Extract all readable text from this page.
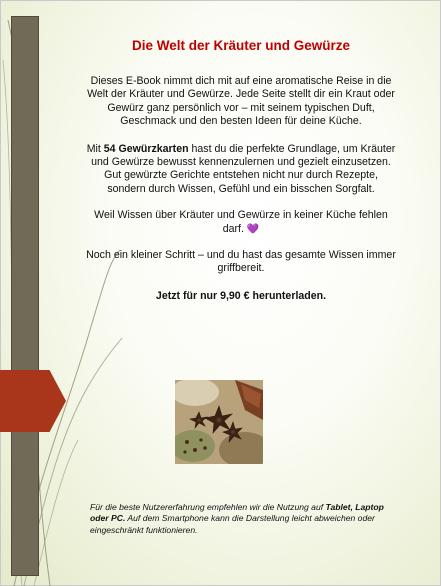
Die Welt der Kräuter und Gewürze

Dieses E-Book nimmt dich mit auf eine aromatische Reise in die Welt der Kräuter und Gewürze. Jede Seite stellt dir ein Kraut oder Gewürz ganz persönlich vor – mit seinem typischen Duft, Geschmack und den besten Ideen für deine Küche.

Mit 54 Gewürzkarten hast du die perfekte Grundlage, um Kräuter und Gewürze bewusst kennenzulernen und gezielt einzusetzen. Gut gewürzte Gerichte entstehen nicht nur durch Rezepte, sondern durch Wissen, Gefühl und ein bisschen Sorgfalt.

Weil Wissen über Kräuter und Gewürze in keiner Küche fehlen darf. 💜

Noch ein kleiner Schritt – und du hast das gesamte Wissen immer griffbereit.

Jetzt für nur 9,90 € herunterladen.

Für die beste Nutzererfahrung empfehlen wir die Nutzung auf Tablet, Laptop oder PC. Auf dem Smartphone kann die Darstellung leicht abweichen oder eingeschränkt funktionieren.
